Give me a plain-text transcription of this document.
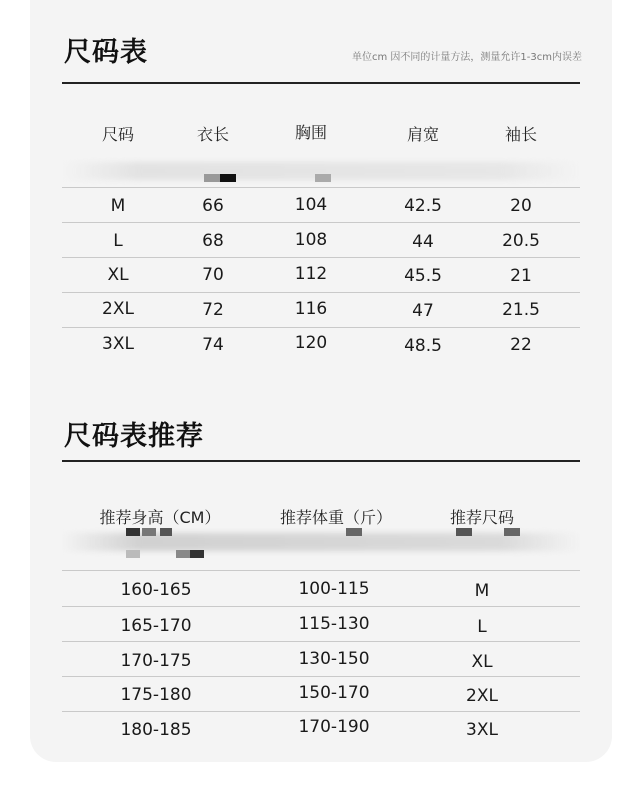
尺码表	单位cm 因不同的计量方法，测量允许1-3cm内误差
尺码	衣长	胸围	肩宽	袖长
M	66	104	42.5	20
L	68	108	44	20.5
XL	70	112	45.5	21
2XL	72	116	47	21.5
3XL	74	120	48.5	22
尺码表推荐
推荐身高（CM）	推荐体重（斤）	推荐尺码
160-165	100-115	M
165-170	115-130	L
170-175	130-150	XL
175-180	150-170	2XL
180-185	170-190	3XL
